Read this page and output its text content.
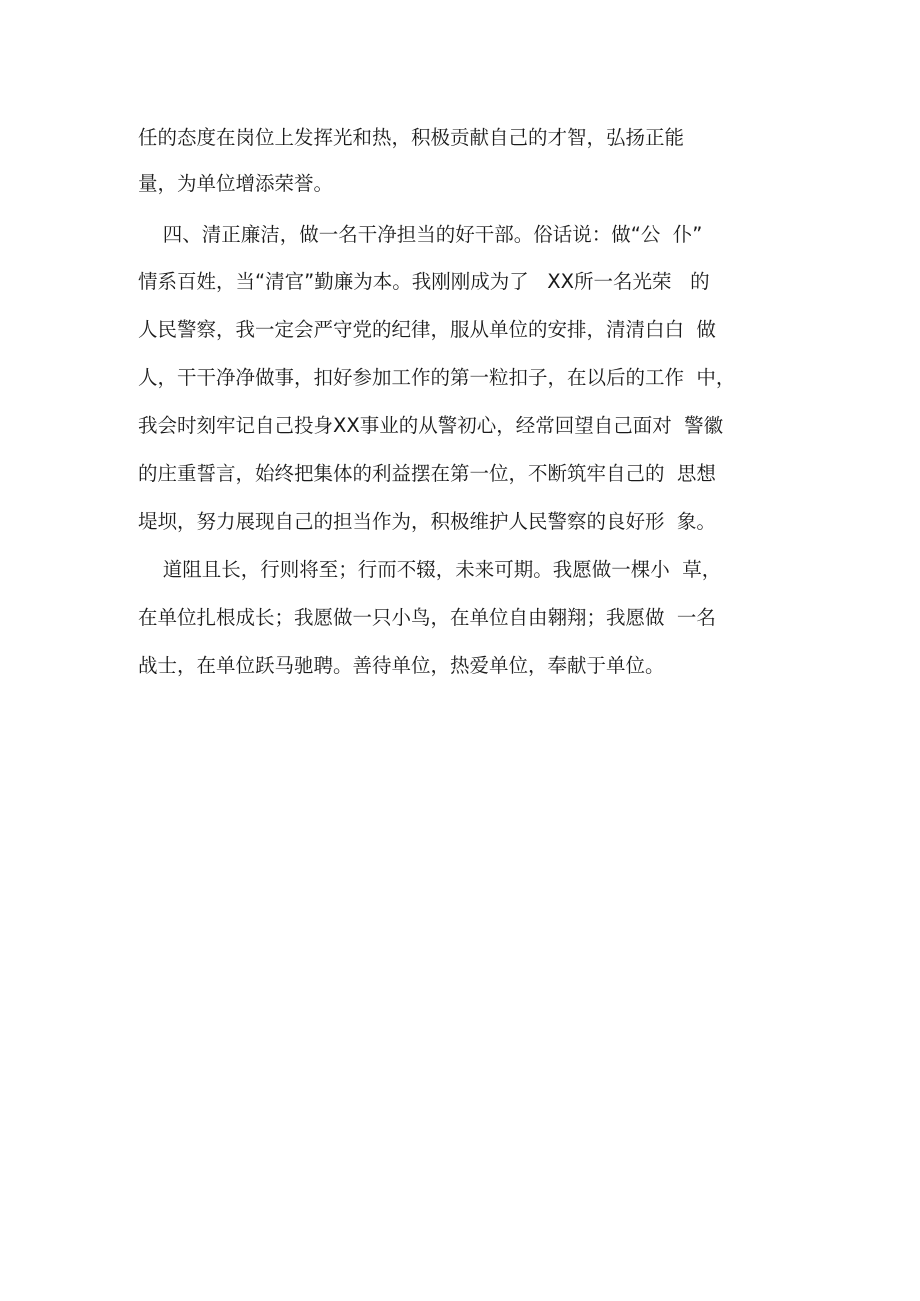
任的态度在岗位上发挥光和热，积极贡献自己的才智，弘扬正能

量，为单位增添荣誉。

四、清正廉洁，做一名干净担当的好干部。俗话说：做“公  仆”

情系百姓，当“清官”勤廉为本。我刚刚成为了   XX所一名光荣   的

人民警察，我一定会严守党的纪律，服从单位的安排，清清白白  做

人，干干净净做事，扣好参加工作的第一粒扣子，在以后的工作  中，

我会时刻牢记自己投身XX事业的从警初心，经常回望自己面对  警徽

的庄重誓言，始终把集体的利益摆在第一位，不断筑牢自己的  思想

堤坝，努力展现自己的担当作为，积极维护人民警察的良好形  象。

道阻且长，行则将至；行而不辍，未来可期。我愿做一棵小  草，

在单位扎根成长；我愿做一只小鸟，在单位自由翱翔；我愿做  一名

战士，在单位跃马驰聘。善待单位，热爱单位，奉献于单位。
